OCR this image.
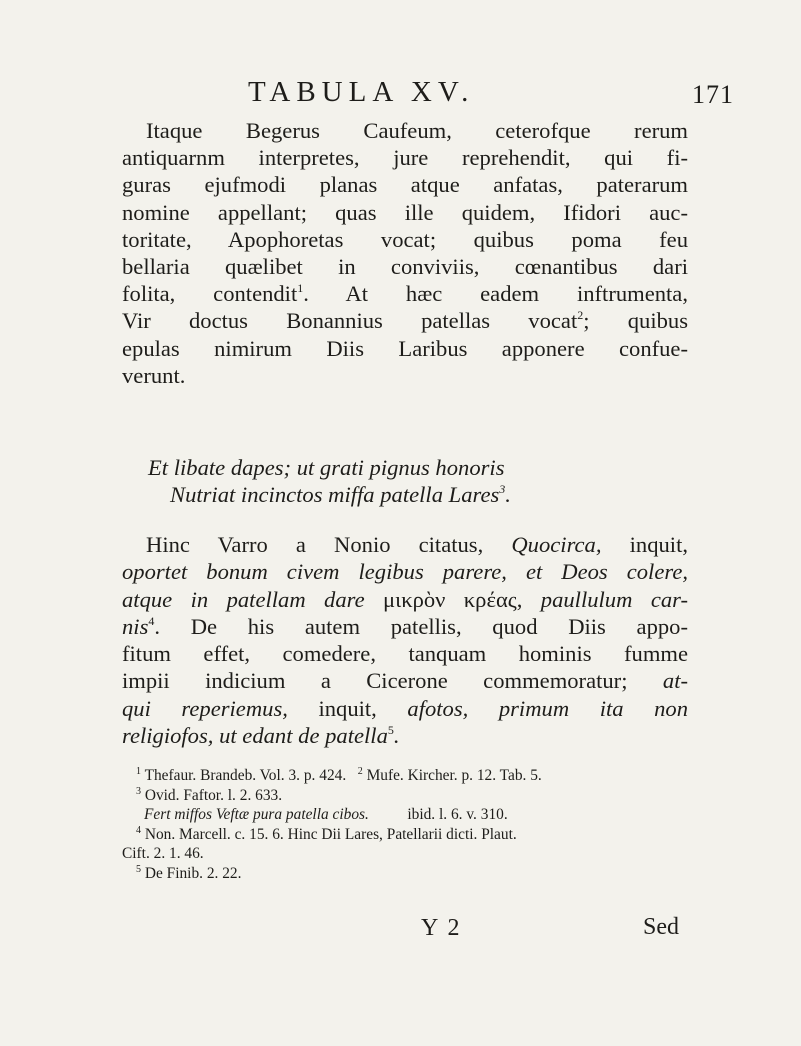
TABULA XV.	171
Itaque Begerus Caufeum, ceterofque rerum
antiquarnm interpretes, jure reprehendit, qui fi-
guras ejufmodi planas atque anfatas, paterarum
nomine appellant; quas ille quidem, Ifidori auc-
toritate, Apophoretas vocat; quibus poma feu
bellaria quælibet in conviviis, cœnantibus dari
folita, contendit$^1$. At hæc eadem inftrumenta,
Vir doctus Bonannius patellas vocat$^2$; quibus
epulas nimirum Diis Laribus apponere confue-
verunt.
Et libate dapes; ut grati pignus honoris
Nutriat incinctos miffa patella Lares$^3$.
Hinc Varro a Nonio citatus, Quocirca, inquit,
oportet bonum civem legibus parere, et Deos colere,
atque in patellam dare μικρὸν κρέας, paullulum car-
nis$^4$. De his autem patellis, quod Diis appo-
fitum effet, comedere, tanquam hominis fumme
impii indicium a Cicerone commemoratur; at-
qui reperiemus, inquit, afotos, primum ita non
religiofos, ut edant de patella$^5$.
$^1$ Thefaur. Brandeb. Vol. 3. p. 424. $^2$ Mufe. Kircher. p. 12. Tab. 5.
$^3$ Ovid. Faftor. l. 2. 633.
Fert miffos Veftæ pura patella cibos. ibid. l. 6. v. 310.
$^4$ Non. Marcell. c. 15. 6. Hinc Dii Lares, Patellarii dicti. Plaut.
Cift. 2. 1. 46.
$^5$ De Finib. 2. 22.
Y 2	Sed
